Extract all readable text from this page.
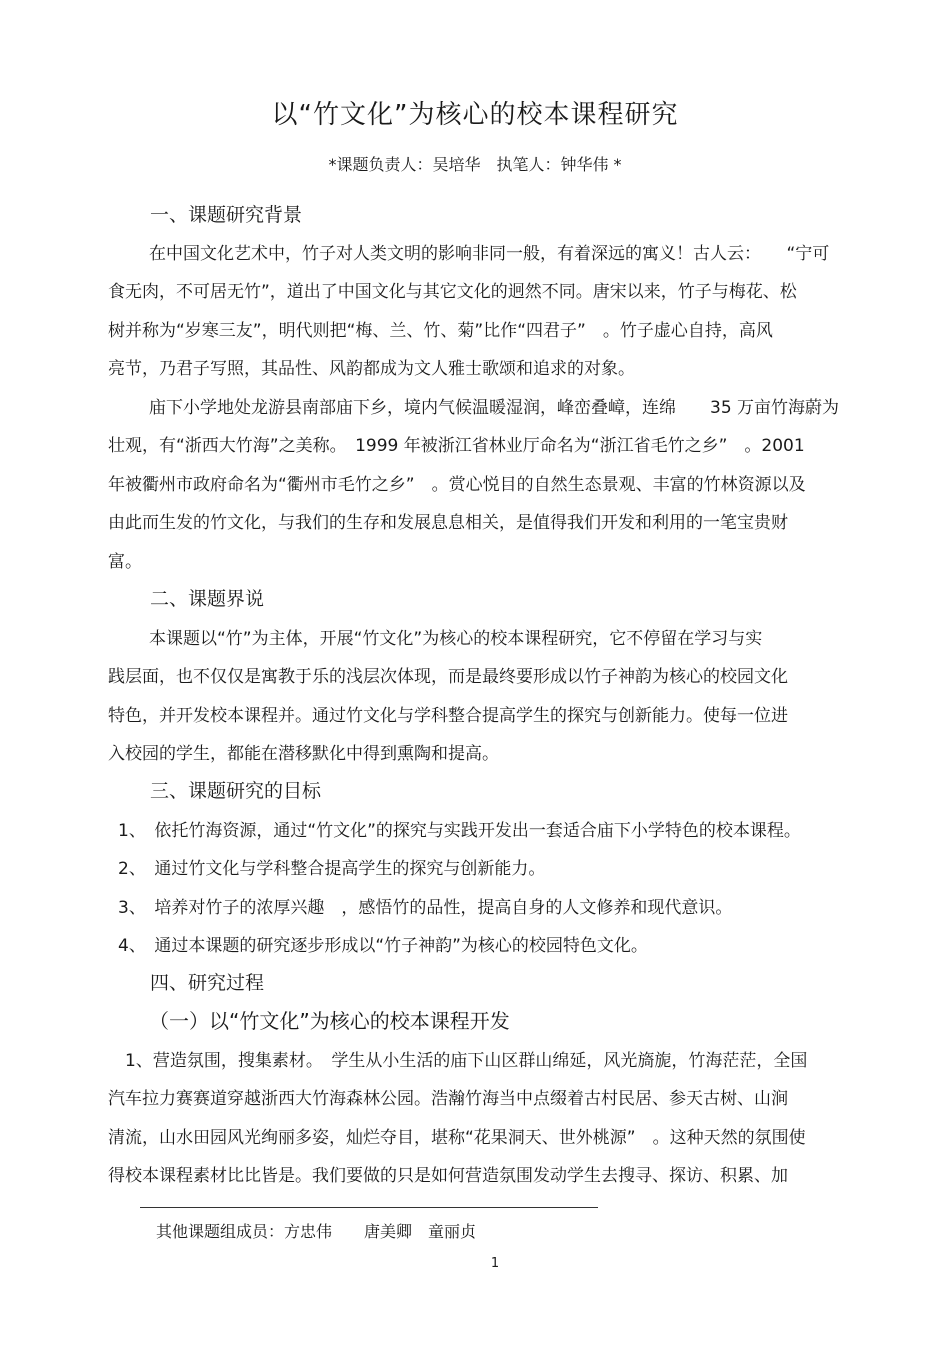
以“竹文化”为核心的校本课程研究
*课题负责人：吴培华　执笔人：钟华伟 *
一、课题研究背景
在中国文化艺术中，竹子对人类文明的影响非同一般，有着深远的寓义！古人云：　　“宁可
食无肉，不可居无竹”，道出了中国文化与其它文化的迥然不同。唐宋以来，竹子与梅花、松
树并称为“岁寒三友”，明代则把“梅、兰、竹、菊”比作“四君子”　。竹子虚心自持，高风
亮节，乃君子写照，其品性、风韵都成为文人雅士歌颂和追求的对象。
庙下小学地处龙游县南部庙下乡，境内气候温暖湿润，峰峦叠嶂，连绵　　35 万亩竹海蔚为
壮观，有“浙西大竹海”之美称。　1999 年被浙江省林业厅命名为“浙江省毛竹之乡”　。2001
年被衢州市政府命名为“衢州市毛竹之乡”　。赏心悦目的自然生态景观、丰富的竹林资源以及
由此而生发的竹文化，与我们的生存和发展息息相关，是值得我们开发和利用的一笔宝贵财
富。
二、课题界说
本课题以“竹”为主体，开展“竹文化”为核心的校本课程研究，它不停留在学习与实
践层面，也不仅仅是寓教于乐的浅层次体现，而是最终要形成以竹子神韵为核心的校园文化
特色，并开发校本课程并。通过竹文化与学科整合提高学生的探究与创新能力。使每一位进
入校园的学生，都能在潜移默化中得到熏陶和提高。
三、课题研究的目标
1、　依托竹海资源，通过“竹文化”的探究与实践开发出一套适合庙下小学特色的校本课程。
2、　通过竹文化与学科整合提高学生的探究与创新能力。
3、　培养对竹子的浓厚兴趣　，感悟竹的品性，提高自身的人文修养和现代意识。
4、　通过本课题的研究逐步形成以“竹子神韵”为核心的校园特色文化。
四、研究过程
（一）以“竹文化”为核心的校本课程开发
1、营造氛围，搜集素材。　学生从小生活的庙下山区群山绵延，风光旖旎，竹海茫茫，全国
汽车拉力赛赛道穿越浙西大竹海森林公园。浩瀚竹海当中点缀着古村民居、参天古树、山涧
清流，山水田园风光绚丽多姿，灿烂夺目，堪称“花果洞天、世外桃源”　。这种天然的氛围使
得校本课程素材比比皆是。我们要做的只是如何营造氛围发动学生去搜寻、探访、积累、加
其他课题组成员：方忠伟　　唐美卿　童丽贞
1
